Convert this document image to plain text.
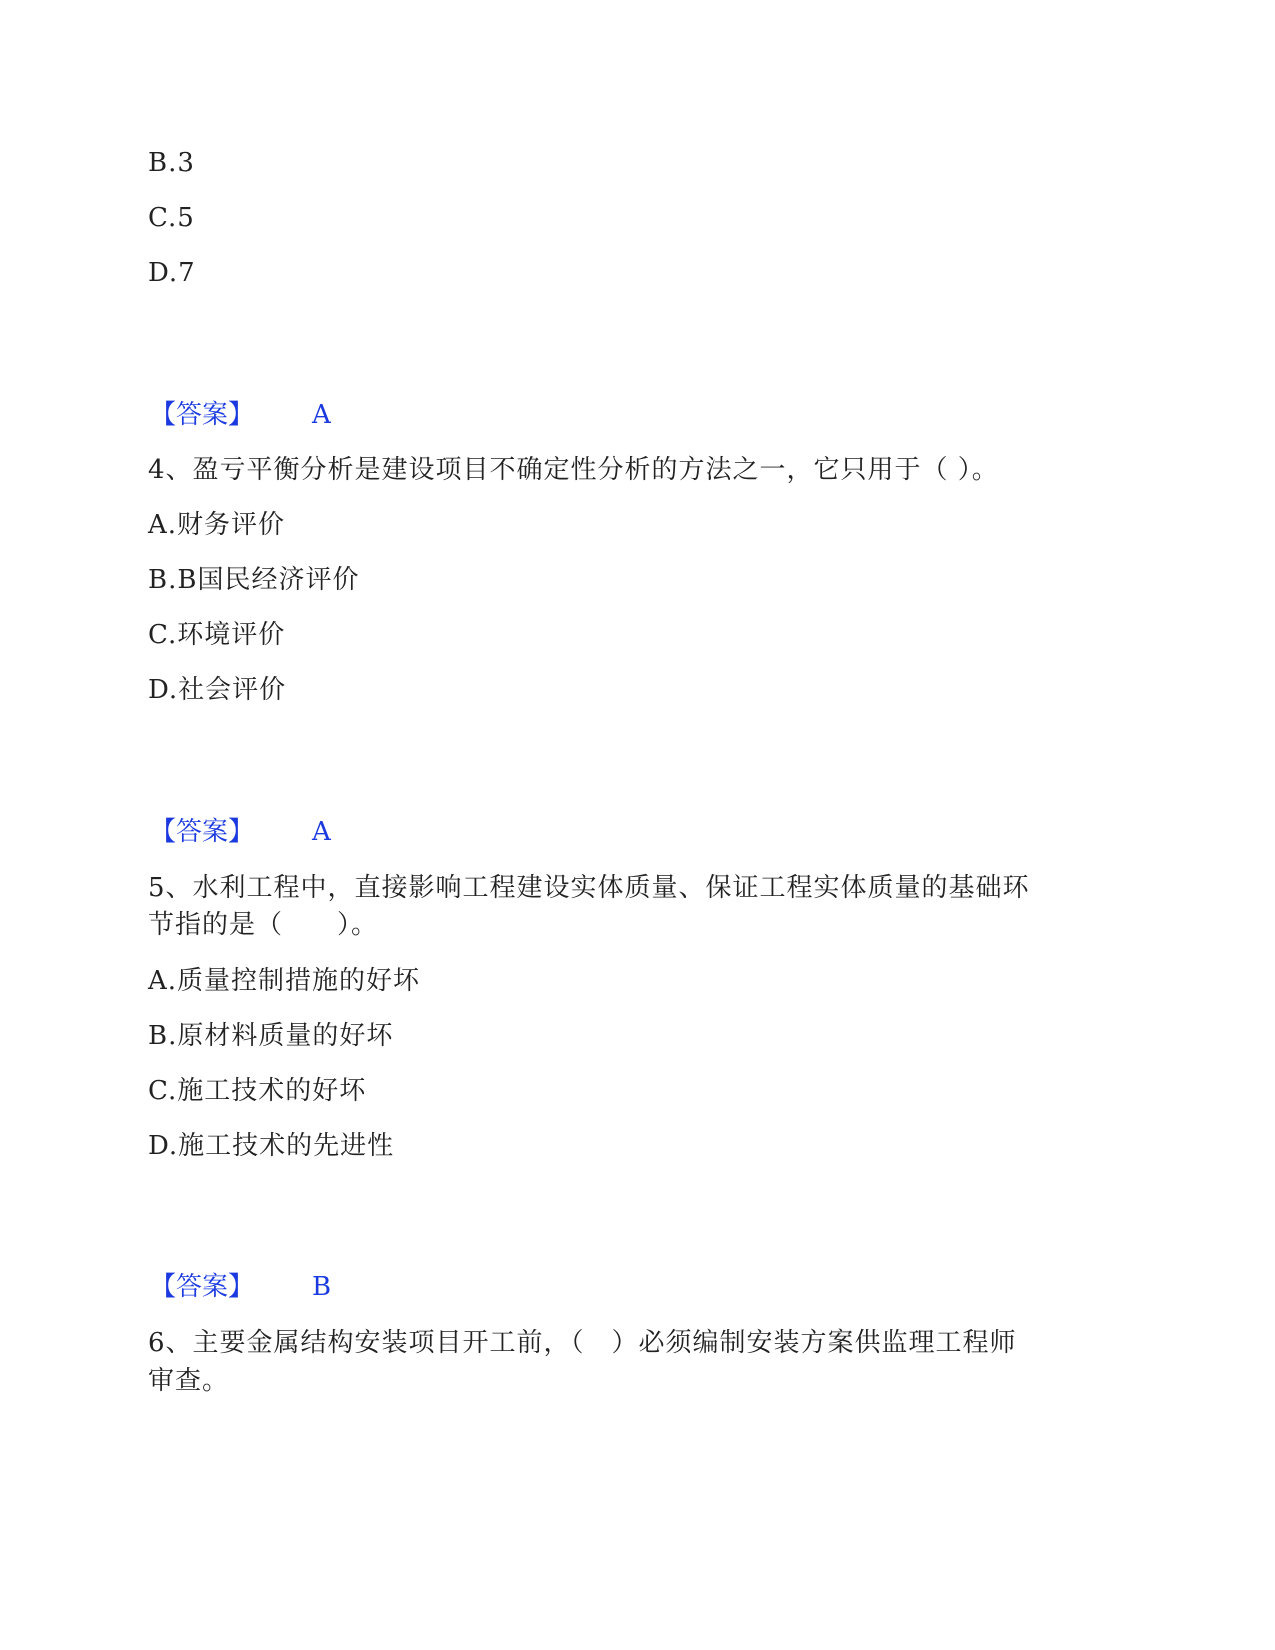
B.3
C.5
D.7
【答案】 A
4、盈亏平衡分析是建设项目不确定性分析的方法之一，它只用于（ ）。
A.财务评价
B.B国民经济评价
C.环境评价
D.社会评价
【答案】 A
5、水利工程中，直接影响工程建设实体质量、保证工程实体质量的基础环
节指的是（　　）。
A.质量控制措施的好坏
B.原材料质量的好坏
C.施工技术的好坏
D.施工技术的先进性
【答案】 B
6、主要金属结构安装项目开工前，（　）必须编制安装方案供监理工程师
审查。
